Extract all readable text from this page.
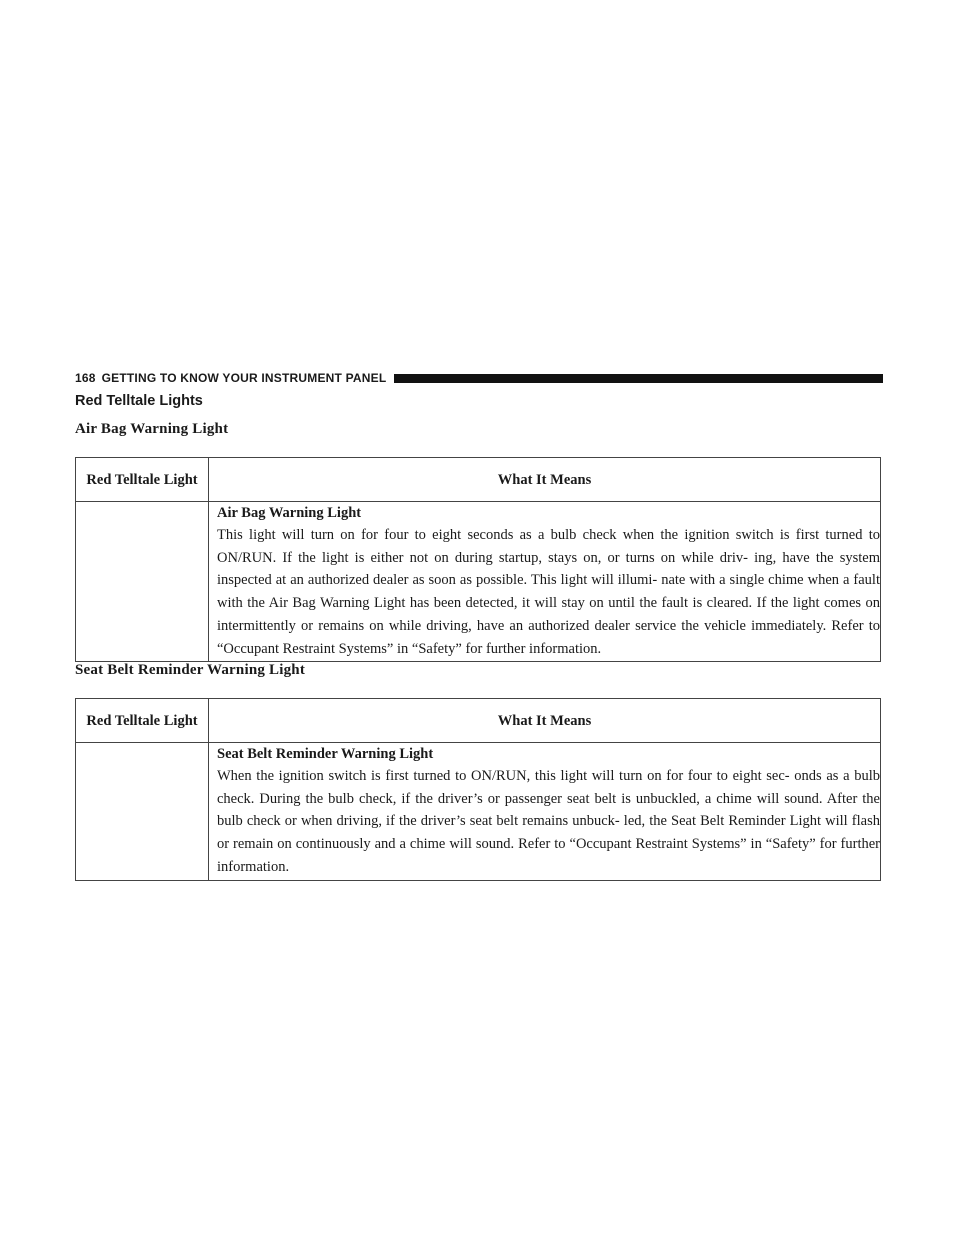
168 GETTING TO KNOW YOUR INSTRUMENT PANEL
Red Telltale Lights
Air Bag Warning Light
Red Telltale Light	What It Means

	Air Bag Warning Light
This light will turn on for four to eight seconds as a bulb check when the ignition switch is first turned to ON/RUN. If the light is either not on during startup, stays on, or turns on while driv- ing, have the system inspected at an authorized dealer as soon as possible. This light will illumi- nate with a single chime when a fault with the Air Bag Warning Light has been detected, it will stay on until the fault is cleared. If the light comes on intermittently or remains on while driving, have an authorized dealer service the vehicle immediately. Refer to “Occupant Restraint Systems” in “Safety” for further information.
Seat Belt Reminder Warning Light
Red Telltale Light	What It Means

	Seat Belt Reminder Warning Light
When the ignition switch is first turned to ON/RUN, this light will turn on for four to eight sec- onds as a bulb check. During the bulb check, if the driver’s or passenger seat belt is unbuckled, a chime will sound. After the bulb check or when driving, if the driver’s seat belt remains unbuck- led, the Seat Belt Reminder Light will flash or remain on continuously and a chime will sound. Refer to “Occupant Restraint Systems” in “Safety” for further information.
